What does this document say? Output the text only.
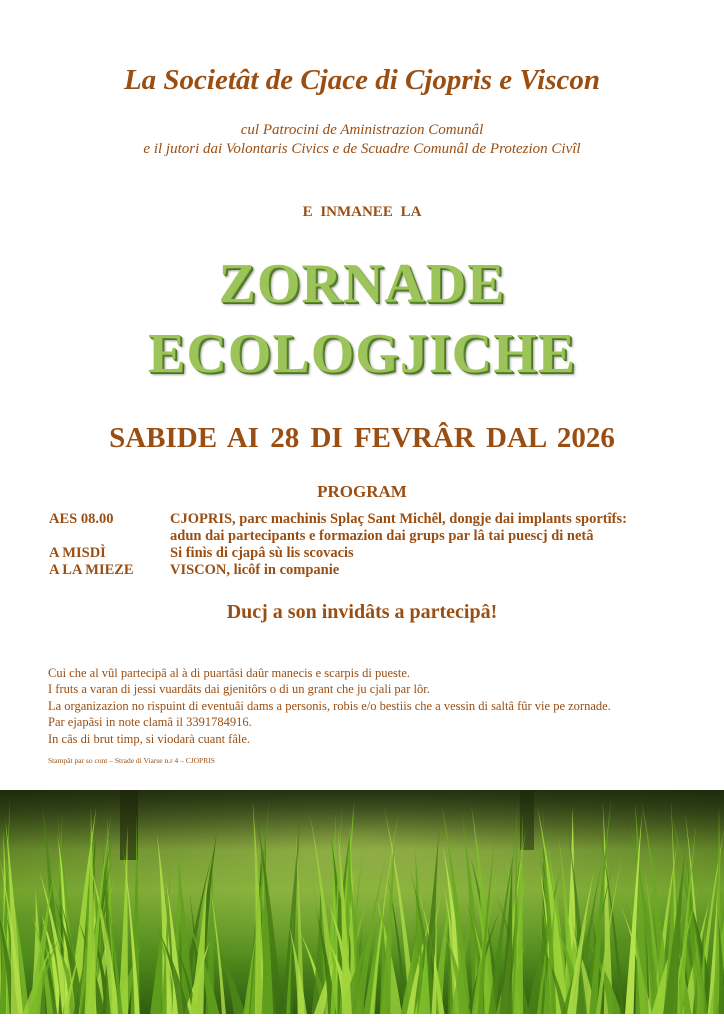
La Societât de Cjace di Cjopris e Viscon
cul Patrocini de Aministrazion Comunâl
e il jutori dai Volontaris Civics e de Scuadre Comunâl de Protezion Civîl
E INMANEE LA
ZORNADE
ECOLOGJICHE
SABIDE AI 28 DI FEVRÂR DAL 2026
PROGRAM
AES 08.00	CJOPRIS, parc machinis Splaç Sant Michêl, dongje dai implants sportîfs:
adun dai partecipants e formazion dai grups par lâ tai puescj di netâ
A MISDÌ	Si finìs di cjapâ sù lis scovacis
A LA MIEZE	VISCON, licôf in companie
Ducj a son invidâts a partecipâ!
Cui che al vûl partecipâ al à di puartâsi daûr manecis e scarpis di pueste.
I fruts a varan di jessi vuardâts dai gjenitôrs o di un grant che ju cjali par lôr.
La organizazion no rispuint di eventuâi dams a personis, robis e/o bestiis che a vessin di saltâ fûr vie pe zornade.
Par ejapâsi in note clamâ il 3391784916.
In câs di brut timp, si viodarà cuant fâle.
Stampât par so cont – Strade di Viarse n.r 4 – CJOPRIS
